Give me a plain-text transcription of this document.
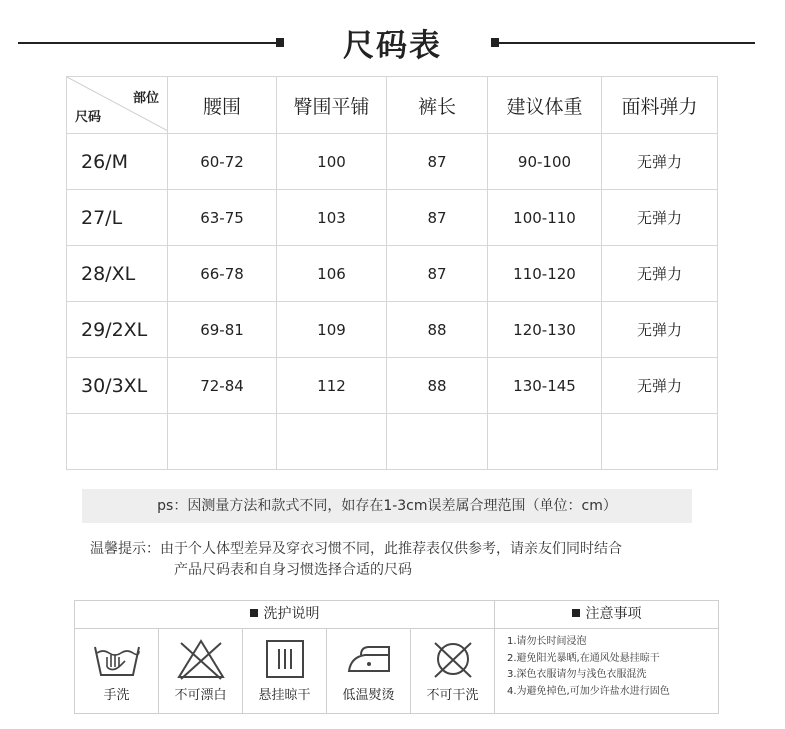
尺码表
部位
尺码	腰围	臀围平铺	裤长	建议体重	面料弹力
26/M	60-72	100	87	90-100	无弹力
27/L	63-75	103	87	100-110	无弹力
28/XL	66-78	106	87	110-120	无弹力
29/2XL	69-81	109	88	120-130	无弹力
30/3XL	72-84	112	88	130-145	无弹力

ps：因测量方法和款式不同，如存在1-3cm误差属合理范围（单位：cm）
温馨提示：由于个人体型差异及穿衣习惯不同，此推荐表仅供参考，请亲友们同时结合
产品尺码表和自身习惯选择合适的尺码
洗护说明	注意事项
手洗	不可漂白	悬挂晾干	低温熨烫	不可干洗
1.请勿长时间浸泡
2.避免阳光暴晒,在通风处悬挂晾干
3.深色衣服请勿与浅色衣服混洗
4.为避免掉色,可加少许盐水进行固色
